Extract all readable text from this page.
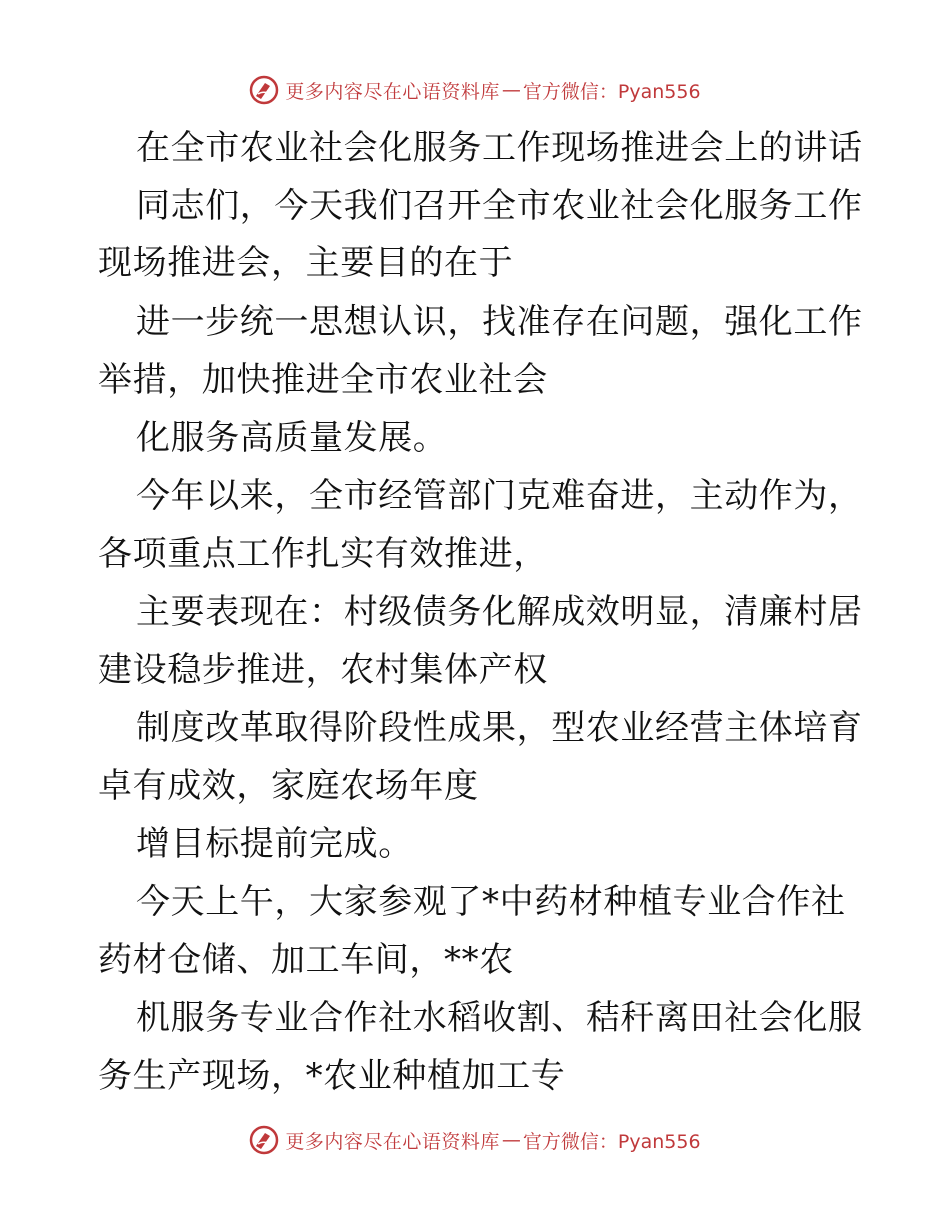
更多内容尽在心语资料库 — 官方微信：Pyan556
在全市农业社会化服务工作现场推进会上的讲话
同志们，今天我们召开全市农业社会化服务工作
现场推进会，主要目的在于
进一步统一思想认识，找准存在问题，强化工作
举措，加快推进全市农业社会
化服务高质量发展。
今年以来，全市经管部门克难奋进，主动作为，
各项重点工作扎实有效推进，
主要表现在：村级债务化解成效明显，清廉村居
建设稳步推进，农村集体产权
制度改革取得阶段性成果，型农业经营主体培育
卓有成效，家庭农场年度
增目标提前完成。
今天上午，大家参观了*中药材种植专业合作社
药材仓储、加工车间，**农
机服务专业合作社水稻收割、秸秆离田社会化服
务生产现场，*农业种植加工专
更多内容尽在心语资料库 — 官方微信：Pyan556
